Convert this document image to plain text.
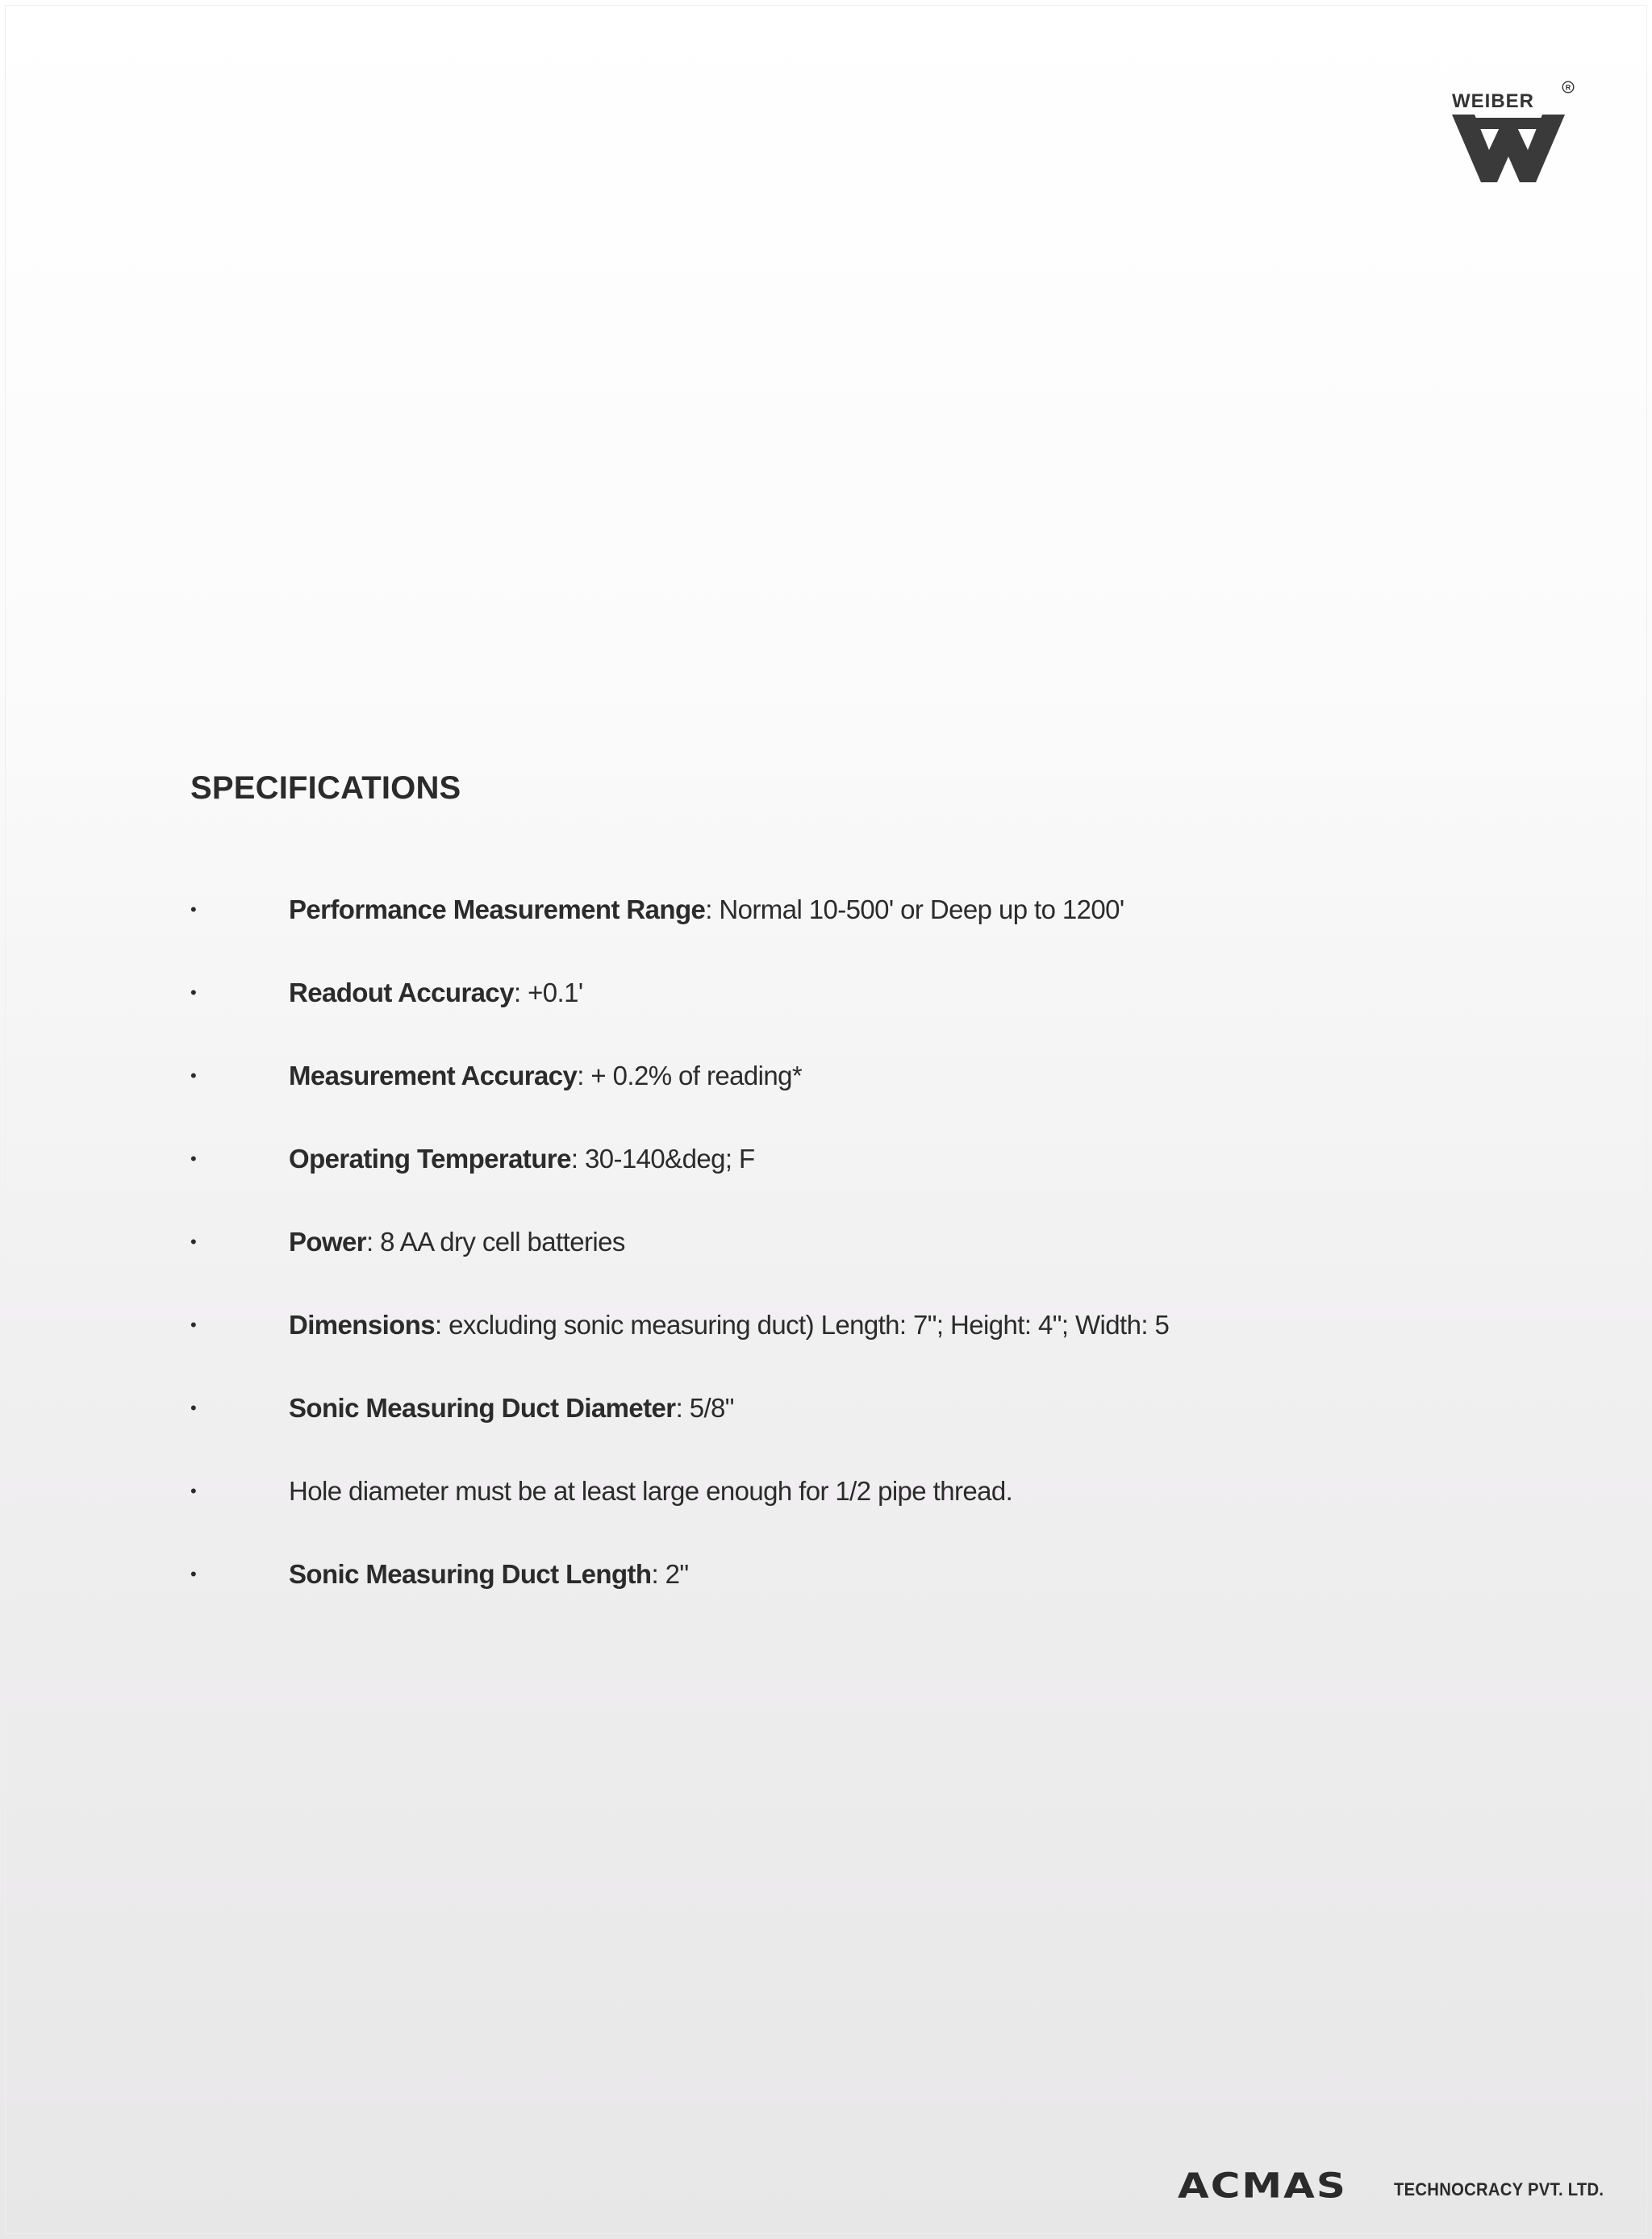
WEIBER
R
SPECIFICATIONS
•	Performance Measurement Range: Normal 10-500' or Deep up to 1200'
•	Readout Accuracy: +0.1'
•	Measurement Accuracy: + 0.2% of reading*
•	Operating Temperature: 30-140&deg; F
•	Power: 8 AA dry cell batteries
•	Dimensions: excluding sonic measuring duct) Length: 7"; Height: 4"; Width: 5
•	Sonic Measuring Duct Diameter: 5/8"
•	Hole diameter must be at least large enough for 1/2 pipe thread.
•	Sonic Measuring Duct Length: 2"
ACMAS	TECHNOCRACY PVT. LTD.
